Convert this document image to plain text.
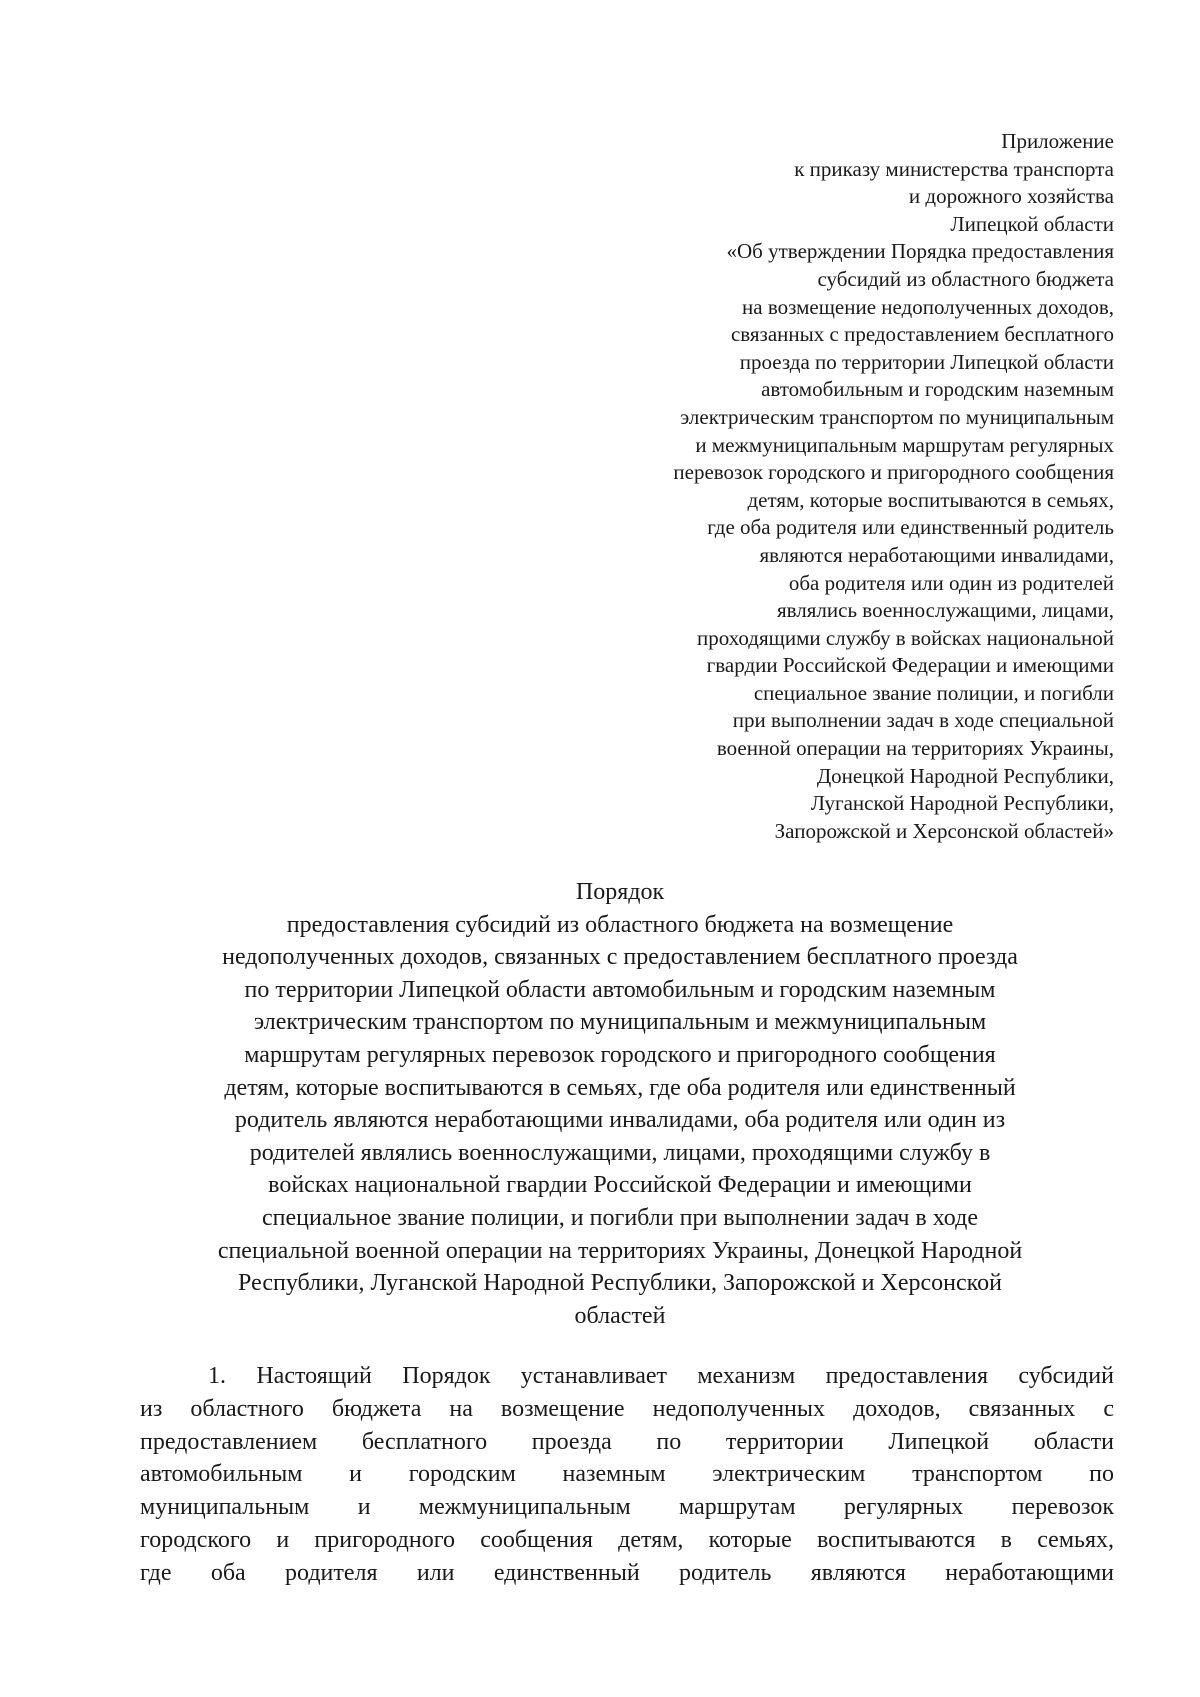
Приложение
к приказу министерства транспорта
и дорожного хозяйства
Липецкой области
«Об утверждении Порядка предоставления
субсидий из областного бюджета
на возмещение недополученных доходов,
связанных с предоставлением бесплатного
проезда по территории Липецкой области
автомобильным и городским наземным
электрическим транспортом по муниципальным
и межмуниципальным маршрутам регулярных
перевозок городского и пригородного сообщения
детям, которые воспитываются в семьях,
где оба родителя или единственный родитель
являются неработающими инвалидами,
оба родителя или один из родителей
являлись военнослужащими, лицами,
проходящими службу в войсках национальной
гвардии Российской Федерации и имеющими
специальное звание полиции, и погибли
при выполнении задач в ходе специальной
военной операции на территориях Украины,
Донецкой Народной Республики,
Луганской Народной Республики,
Запорожской и Херсонской областей»
Порядок
предоставления субсидий из областного бюджета на возмещение
недополученных доходов, связанных с предоставлением бесплатного проезда
по территории Липецкой области автомобильным и городским наземным
электрическим транспортом по муниципальным и межмуниципальным
маршрутам регулярных перевозок городского и пригородного сообщения
детям, которые воспитываются в семьях, где оба родителя или единственный
родитель являются неработающими инвалидами, оба родителя или один из
родителей являлись военнослужащими, лицами, проходящими службу в
войсках национальной гвардии Российской Федерации и имеющими
специальное звание полиции, и погибли при выполнении задач в ходе
специальной военной операции на территориях Украины, Донецкой Народной
Республики, Луганской Народной Республики, Запорожской и Херсонской
областей
1. Настоящий Порядок устанавливает механизм предоставления субсидий
из областного бюджета на возмещение недополученных доходов, связанных с
предоставлением бесплатного проезда по территории Липецкой области
автомобильным и городским наземным электрическим транспортом по
муниципальным и межмуниципальным маршрутам регулярных перевозок
городского и пригородного сообщения детям, которые воспитываются в семьях,
где оба родителя или единственный родитель являются неработающими
